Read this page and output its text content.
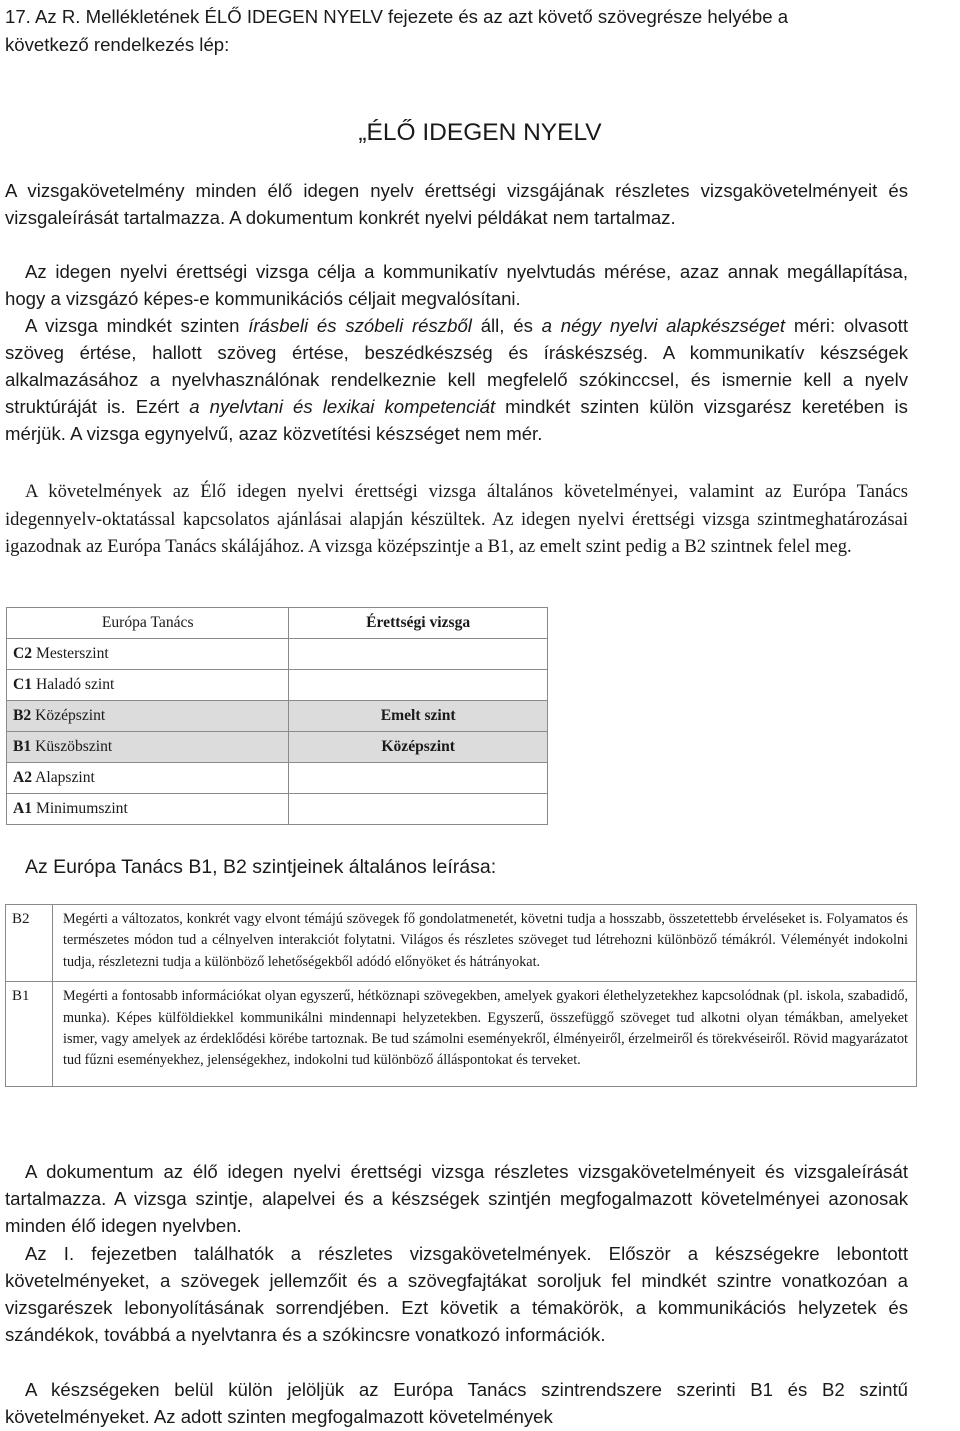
17. Az R. Mellékletének ÉLŐ IDEGEN NYELV fejezete és az azt követő szövegrésze helyébe a

következő rendelkezés lép:

„ÉLŐ IDEGEN NYELV

A vizsgakövetelmény minden élő idegen nyelv érettségi vizsgájának részletes vizsgakövetelményeit és vizsgaleírását tartalmazza. A dokumentum konkrét nyelvi példákat nem tartalmaz.

Az idegen nyelvi érettségi vizsga célja a kommunikatív nyelvtudás mérése, azaz annak megállapítása, hogy a vizsgázó képes-e kommunikációs céljait megvalósítani.

A vizsga mindkét szinten írásbeli és szóbeli részből áll, és a négy nyelvi alapkészséget méri: olvasott szöveg értése, hallott szöveg értése, beszédkészség és íráskészség. A kommunikatív készségek alkalmazásához a nyelvhasználónak rendelkeznie kell megfelelő szókinccsel, és ismernie kell a nyelv struktúráját is. Ezért a nyelvtani és lexikai kompetenciát mindkét szinten külön vizsgarész keretében is mérjük. A vizsga egynyelvű, azaz közvetítési készséget nem mér.

A követelmények az Élő idegen nyelvi érettségi vizsga általános követelményei, valamint az Európa Tanács idegennyelv-oktatással kapcsolatos ajánlásai alapján készültek. Az idegen nyelvi érettségi vizsga szintmeghatározásai igazodnak az Európa Tanács skálájához. A vizsga középszintje a B1, az emelt szint pedig a B2 szintnek felel meg.

Európa Tanács	Érettségi vizsga
C2 Mesterszint	
C1 Haladó szint	
B2 Középszint	Emelt szint
B1 Küszöbszint	Középszint
A2 Alapszint	
A1 Minimumszint	

Az Európa Tanács B1, B2 szintjeinek általános leírása:

B2	Megérti a változatos, konkrét vagy elvont témájú szövegek fő gondolatmenetét, követni tudja a hosszabb, összetettebb érveléseket is. Folyamatos és természetes módon tud a célnyelven interakciót folytatni. Világos és részletes szöveget tud létrehozni különböző témákról. Véleményét indokolni tudja, részletezni tudja a különböző lehetőségekből adódó előnyöket és hátrányokat.
B1	Megérti a fontosabb információkat olyan egyszerű, hétköznapi szövegekben, amelyek gyakori élethelyzetekhez kapcsolódnak (pl. iskola, szabadidő, munka). Képes külföldiekkel kommunikálni mindennapi helyzetekben. Egyszerű, összefüggő szöveget tud alkotni olyan témákban, amelyeket ismer, vagy amelyek az érdeklődési körébe tartoznak. Be tud számolni eseményekről, élményeiről, érzelmeiről és törekvéseiről. Rövid magyarázatot tud fűzni eseményekhez, jelenségekhez, indokolni tud különböző álláspontokat és terveket.

A dokumentum az élő idegen nyelvi érettségi vizsga részletes vizsgakövetelményeit és vizsgaleírását tartalmazza. A vizsga szintje, alapelvei és a készségek szintjén megfogalmazott követelményei azonosak minden élő idegen nyelvben.

Az I. fejezetben találhatók a részletes vizsgakövetelmények. Először a készségekre lebontott követelményeket, a szövegek jellemzőit és a szövegfajtákat soroljuk fel mindkét szintre vonatkozóan a vizsgarészek lebonyolításának sorrendjében. Ezt követik a témakörök, a kommunikációs helyzetek és szándékok, továbbá a nyelvtanra és a szókincsre vonatkozó információk.

A készségeken belül külön jelöljük az Európa Tanács szintrendszere szerinti B1 és B2 szintű követelményeket. Az adott szinten megfogalmazott követelmények
